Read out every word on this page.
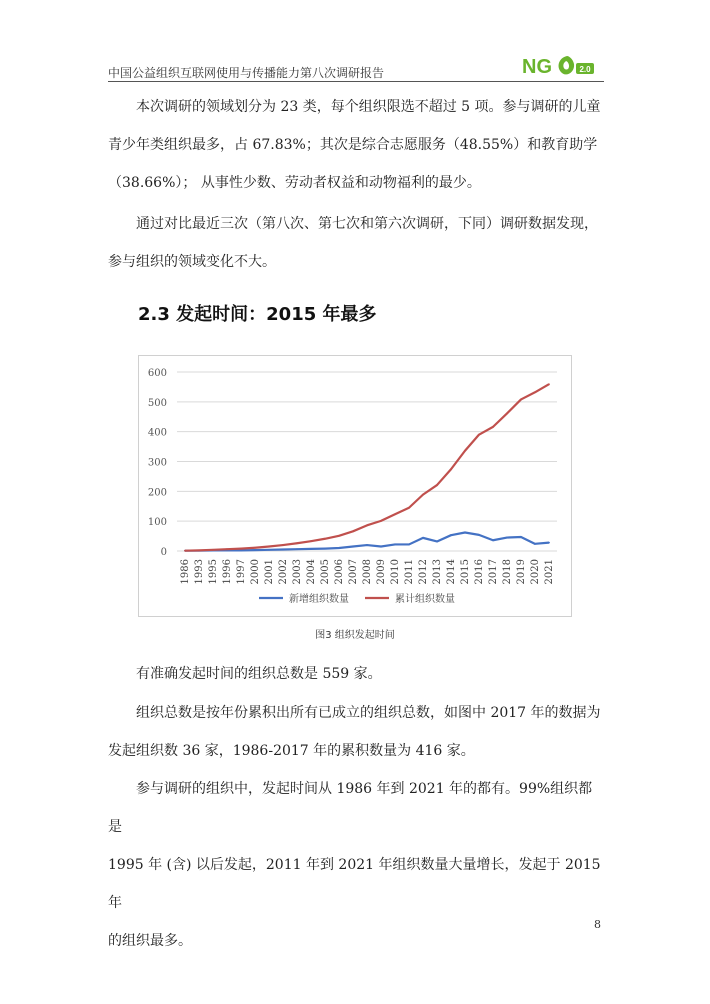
中国公益组织互联网使用与传播能力第八次调研报告	NG	2.0

本次调研的领域划分为 23 类，每个组织限选不超过 5 项。参与调研的儿童
青少年类组织最多，占 67.83%；其次是综合志愿服务（48.55%）和教育助学
（38.66%）； 从事性少数、劳动者权益和动物福利的最少。

通过对比最近三次（第八次、第七次和第六次调研，下同）调研数据发现，
参与组织的领域变化不大。

2.3 发起时间：2015 年最多
0
100
200
300
400
500
600
1986 1993 1995 1996 1997 2000 2001 2002 2003 2004 2005 2006 2007 2008 2009 2010 2011 2012 2013 2014 2015 2016 2017 2018 2019 2020 2021
新增组织数量	累计组织数量
图3 组织发起时间

有准确发起时间的组织总数是 559 家。

组织总数是按年份累积出所有已成立的组织总数，如图中 2017 年的数据为
发起组织数 36 家，1986-2017 年的累积数量为 416 家。

参与调研的组织中，发起时间从 1986 年到 2021 年的都有。99%组织都是
1995 年 (含) 以后发起，2011 年到 2021 年组织数量大量增长，发起于 2015 年
的组织最多。

8
